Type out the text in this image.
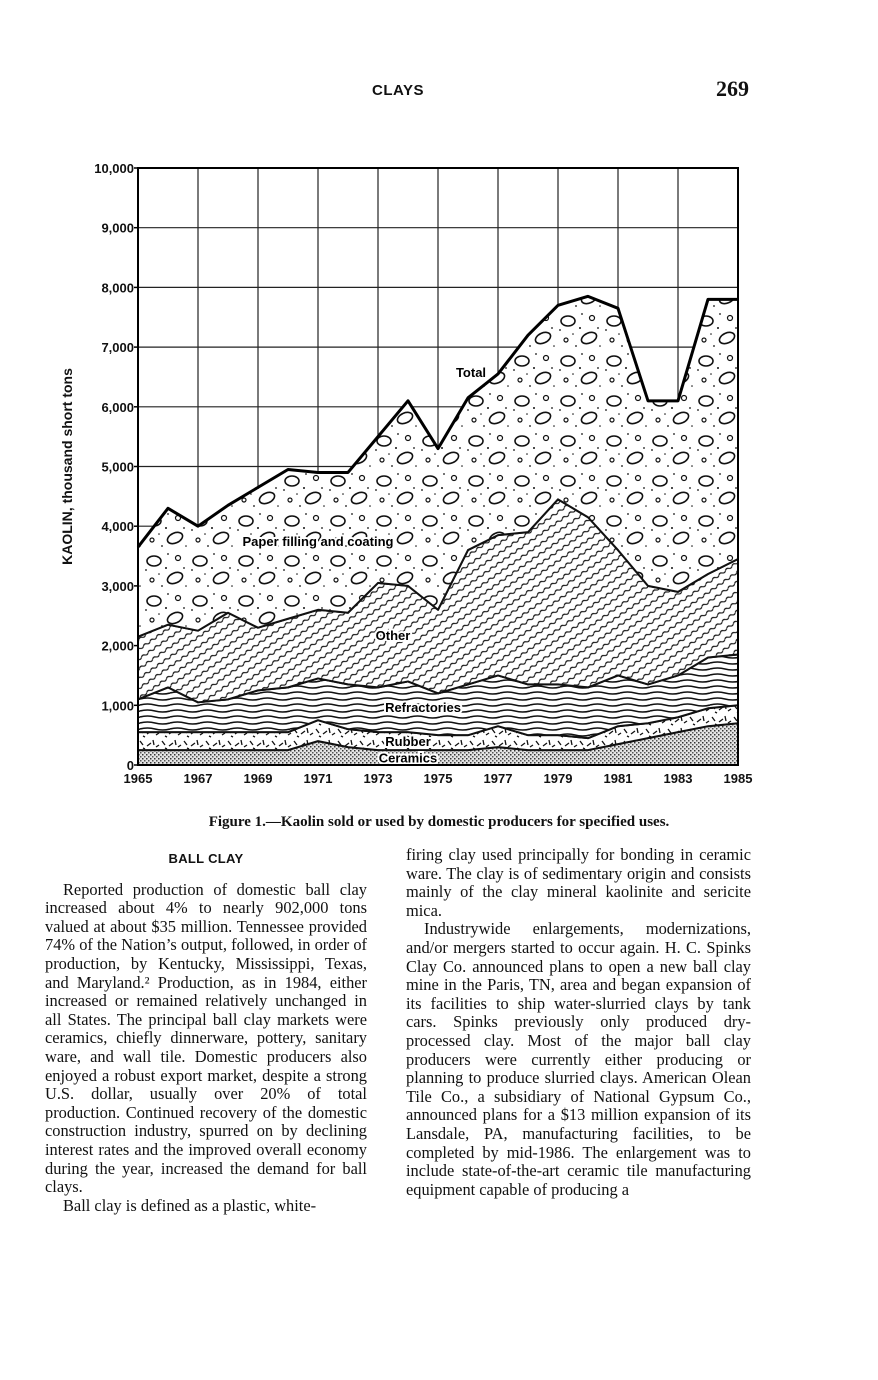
CLAYS	269
Ceramics
Rubber
Refractories
Other
Paper filling and coating
Total
0
1,000
2,000
3,000
4,000
5,000
6,000
7,000
8,000
9,000
10,000
1965 1967 1969 1971 1973 1975 1977 1979 1981 1983 1985
KAOLIN, thousand short tons
Figure 1.—Kaolin sold or used by domestic producers for specified uses.
BALL CLAY

Reported production of domestic ball clay increased about 4% to nearly 902,000 tons valued at about $35 million. Tennessee provided 74% of the Nation’s output, followed, in order of production, by Kentucky, Mississippi, Texas, and Maryland.² Production, as in 1984, either increased or remained relatively unchanged in all States. The principal ball clay markets were ceramics, chiefly dinnerware, pottery, sanitary ware, and wall tile. Domestic producers also enjoyed a robust export market, despite a strong U.S. dollar, usually over 20% of total production. Continued recovery of the domestic construction industry, spurred on by declining interest rates and the improved overall economy during the year, increased the demand for ball clays.

Ball clay is defined as a plastic, white-

firing clay used principally for bonding in ceramic ware. The clay is of sedimentary origin and consists mainly of the clay mineral kaolinite and sericite mica.

Industrywide enlargements, modernizations, and/or mergers started to occur again. H. C. Spinks Clay Co. announced plans to open a new ball clay mine in the Paris, TN, area and began expansion of its facilities to ship water-slurried clays by tank cars. Spinks previously only produced dry-processed clay. Most of the major ball clay producers were currently either producing or planning to produce slurried clays. American Olean Tile Co., a subsidiary of National Gypsum Co., announced plans for a $13 million expansion of its Lansdale, PA, manufacturing facilities, to be completed by mid-1986. The enlargement was to include state-of-the-art ceramic tile manufacturing equipment capable of producing a
